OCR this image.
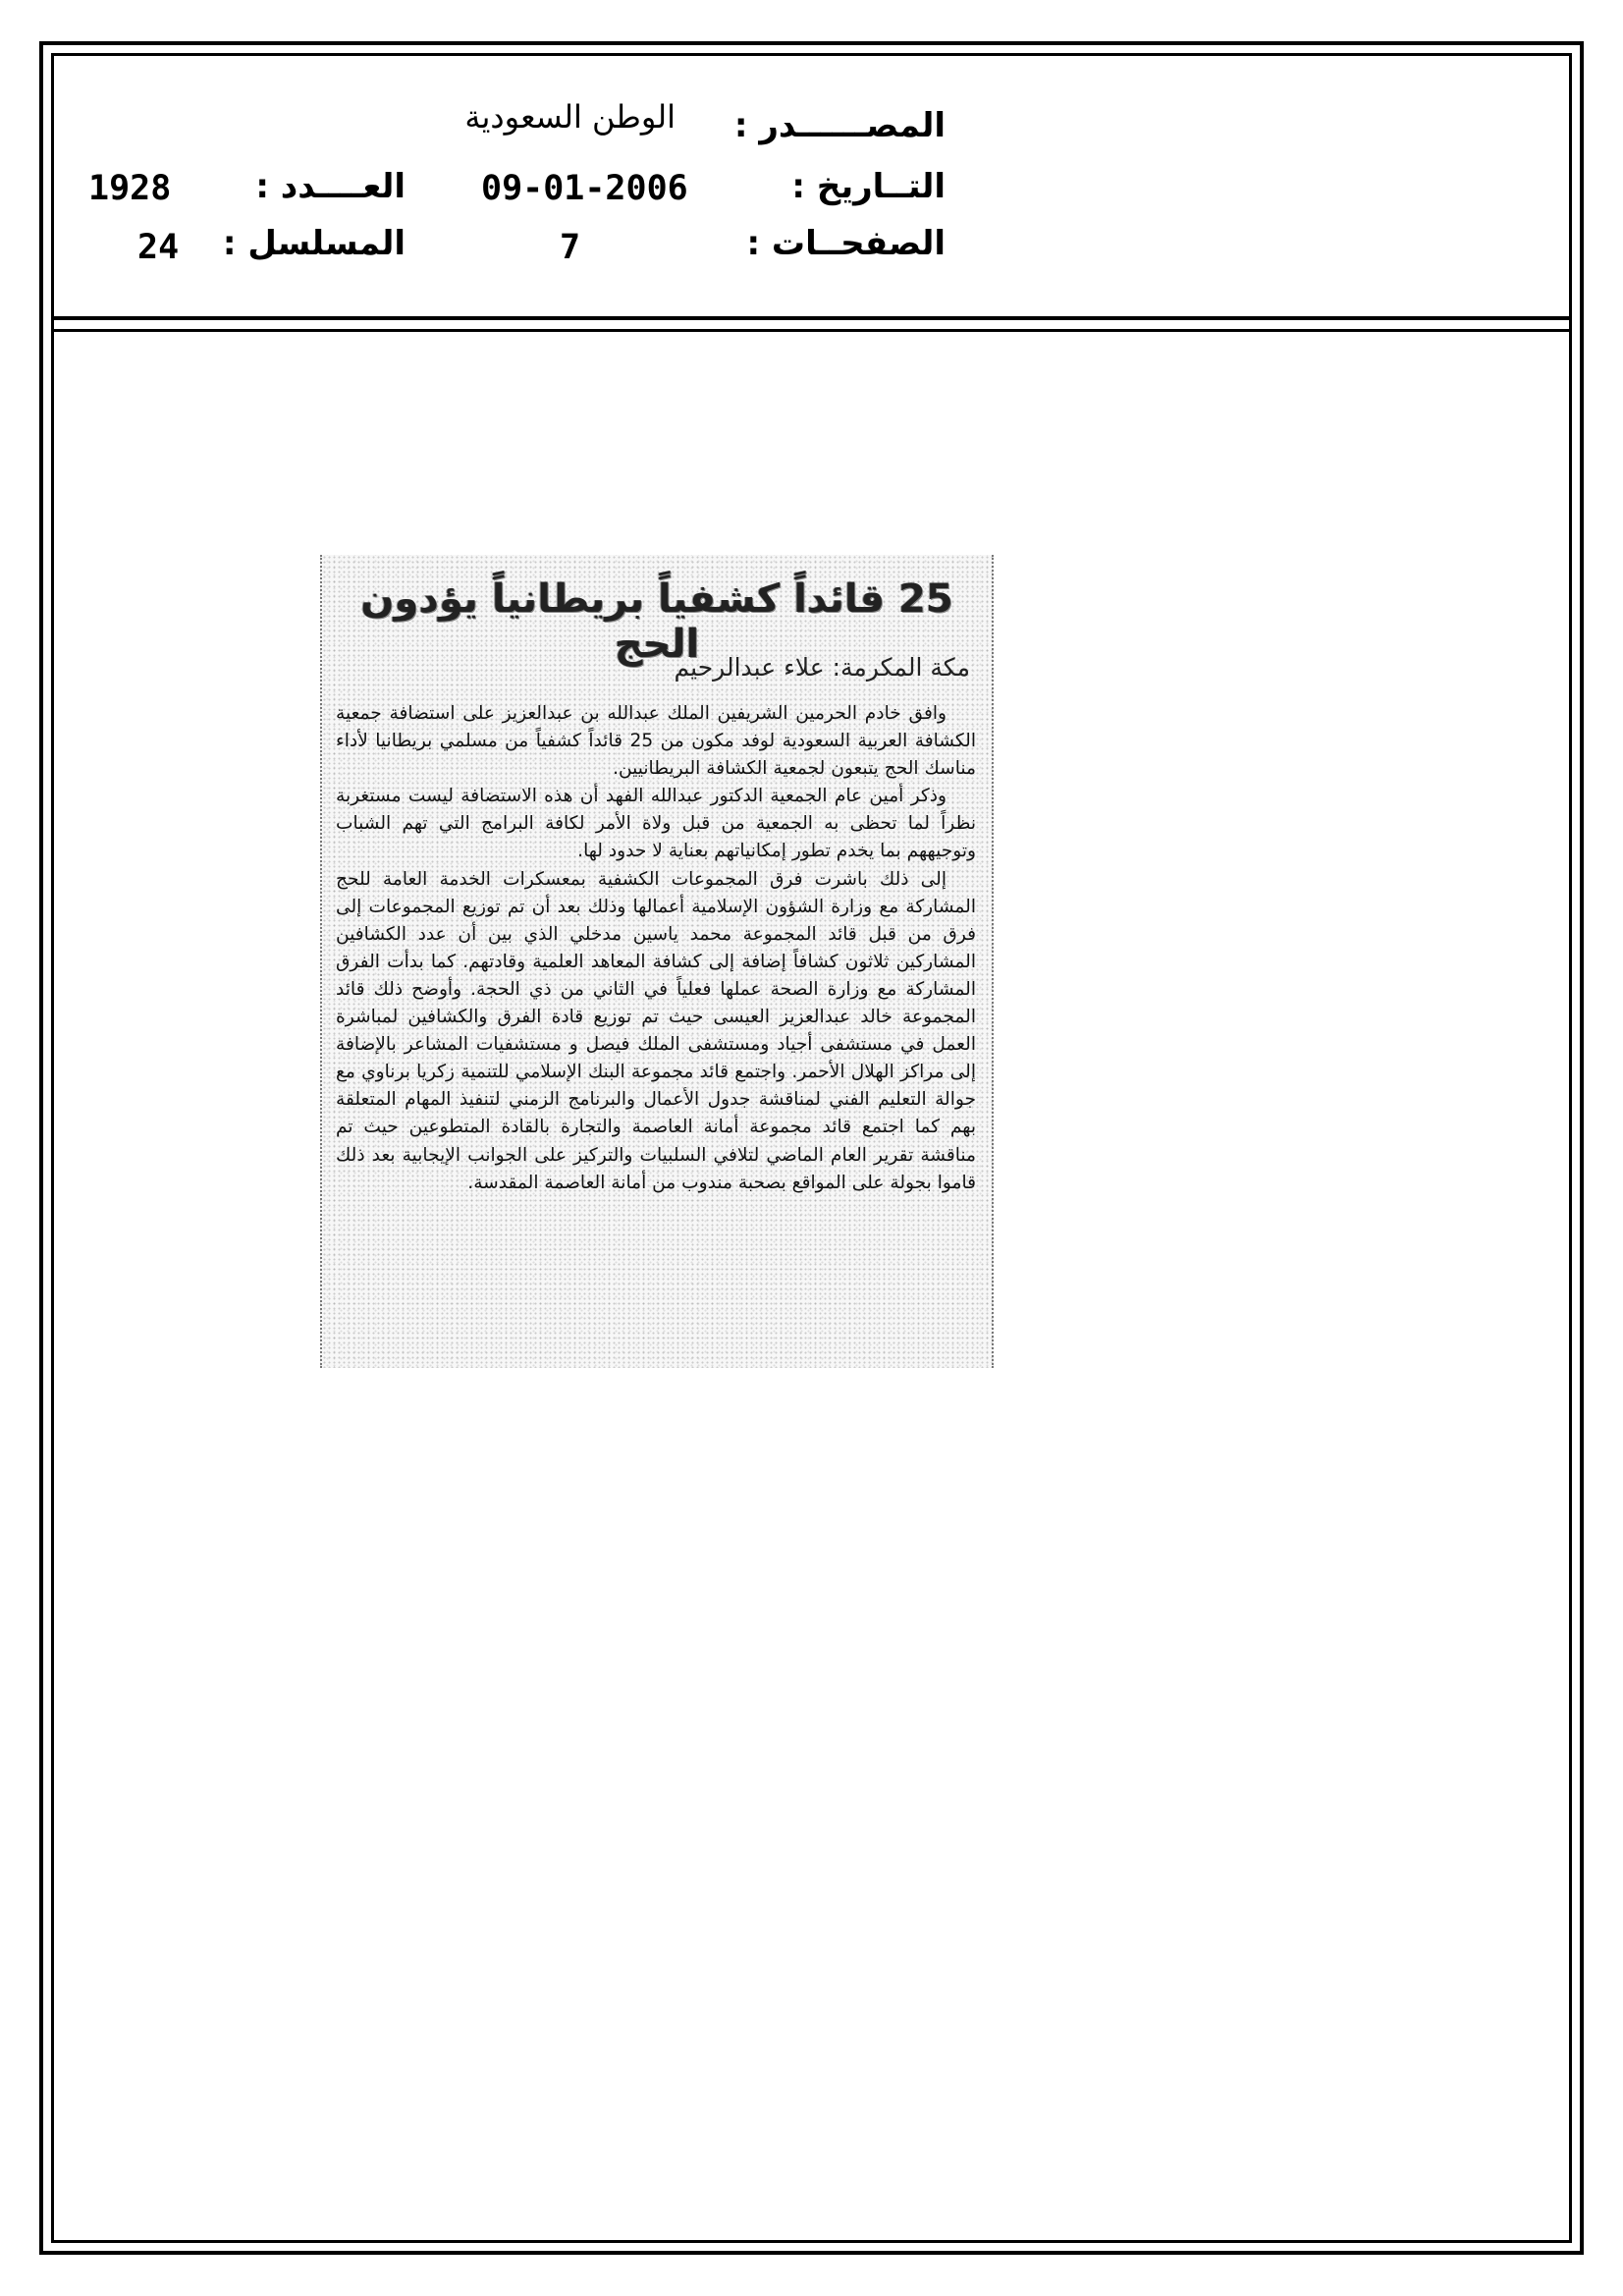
المصــــــدر :
الوطن السعودية
التــاريخ :
09-01-2006
العــــدد :
1928
الصفحــات :
7
المسلسل :
24
25 قائداً كشفياً بريطانياً يؤدون الحج
مكة المكرمة: علاء عبدالرحيم

وافق خادم الحرمين الشريفين الملك عبدالله بن عبدالعزيز على استضافة جمعية الكشافة العربية السعودية لوفد مكون من 25 قائداً كشفياً من مسلمي بريطانيا لأداء مناسك الحج يتبعون لجمعية الكشافة البريطانيين.

وذكر أمين عام الجمعية الدكتور عبدالله الفهد أن هذه الاستضافة ليست مستغربة نظراً لما تحظى به الجمعية من قبل ولاة الأمر لكافة البرامج التي تهم الشباب وتوجيههم بما يخدم تطور إمكانياتهم بعناية لا حدود لها.

إلى ذلك باشرت فرق المجموعات الكشفية بمعسكرات الخدمة العامة للحج المشاركة مع وزارة الشؤون الإسلامية أعمالها وذلك بعد أن تم توزيع المجموعات إلى فرق من قبل قائد المجموعة محمد ياسين مدخلي الذي بين أن عدد الكشافين المشاركين ثلاثون كشافاً إضافة إلى كشافة المعاهد العلمية وقادتهم. كما بدأت الفرق المشاركة مع وزارة الصحة عملها فعلياً في الثاني من ذي الحجة. وأوضح ذلك قائد المجموعة خالد عبدالعزيز العيسى حيث تم توزيع قادة الفرق والكشافين لمباشرة العمل في مستشفى أجياد ومستشفى الملك فيصل و مستشفيات المشاعر بالإضافة إلى مراكز الهلال الأحمر. واجتمع قائد مجموعة البنك الإسلامي للتنمية زكريا برناوي مع جوالة التعليم الفني لمناقشة جدول الأعمال والبرنامج الزمني لتنفيذ المهام المتعلقة بهم كما اجتمع قائد مجموعة أمانة العاصمة والتجارة بالقادة المتطوعين حيث تم مناقشة تقرير العام الماضي لتلافي السلبيات والتركيز على الجوانب الإيجابية بعد ذلك قاموا بجولة على المواقع بصحبة مندوب من أمانة العاصمة المقدسة.
